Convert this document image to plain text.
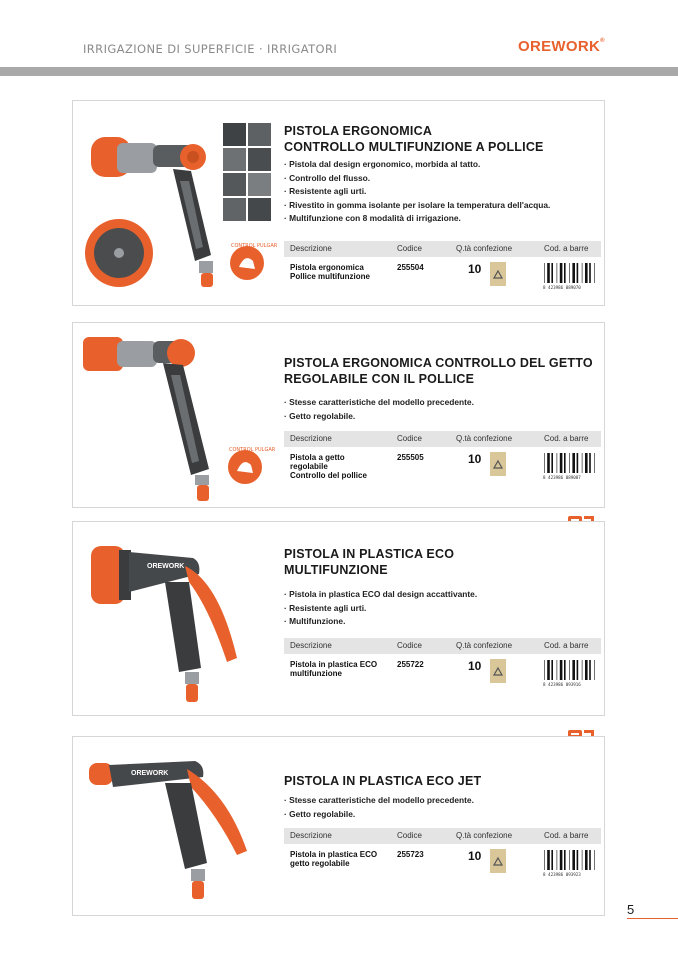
IRRIGAZIONE DI SUPERFICIE · IRRIGATORI	OREWORK®
CONTROL PULGAR
PISTOLA ERGONOMICA
CONTROLLO MULTIFUNZIONE A POLLICE
· Pistola dal design ergonomico, morbida al tatto.
· Controllo del flusso.
· Resistente agli urti.
· Rivestito in gomma isolante per isolare la temperatura dell'acqua.
· Multifunzione con 8 modalità di irrigazione.
Descrizione	Codice	Q.tà confezione	Cod. a barre
Pistola ergonomica
Pollice multifunzione
255504	10
8 423986 089070
CONTROL PULGAR
PISTOLA ERGONOMICA CONTROLLO DEL GETTO
REGOLABILE CON IL POLLICE
· Stesse caratteristiche del modello precedente.
· Getto regolabile.
Descrizione	Codice	Q.tà confezione	Cod. a barre
Pistola a getto
regolabile
Controllo del pollice
255505	10
8 423986 089087
OREWORK
PISTOLA IN PLASTICA ECO
MULTIFUNZIONE
· Pistola in plastica ECO dal design accattivante.
· Resistente agli urti.
· Multifunzione.
Descrizione	Codice	Q.tà confezione	Cod. a barre
Pistola in plastica ECO
multifunzione
255722	10
8 423986 093916
OREWORK
PISTOLA IN PLASTICA ECO JET
· Stesse caratteristiche del modello precedente.
· Getto regolabile.
Descrizione	Codice	Q.tà confezione	Cod. a barre
Pistola in plastica ECO
getto regolabile
255723	10
8 423986 093923
5
